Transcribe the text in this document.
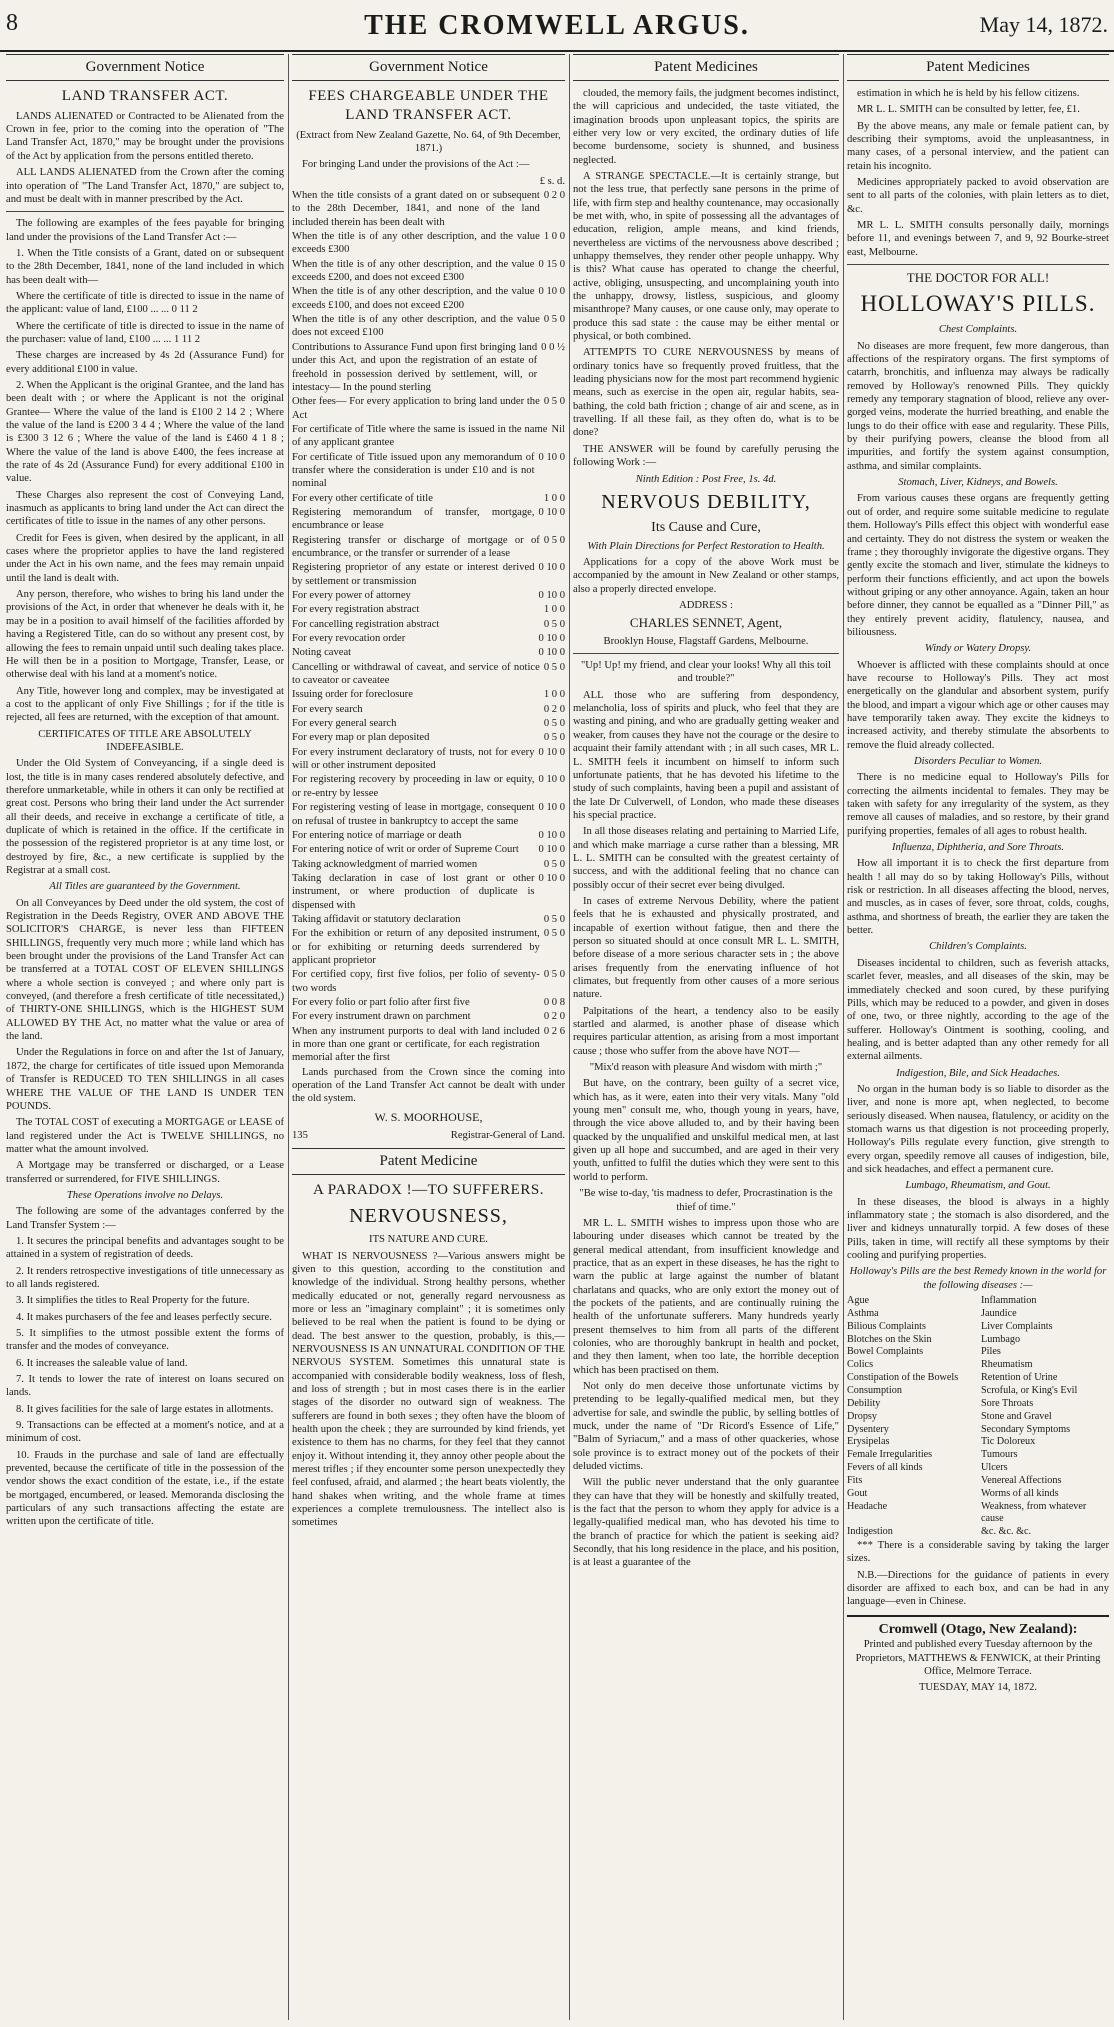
8	THE CROMWELL ARGUS.	May 14, 1872.
Government Notice
LAND TRANSFER ACT.

LANDS ALIENATED or Contracted to be Alienated from the Crown in fee, prior to the coming into the operation of "The Land Transfer Act, 1870," may be brought under the provisions of the Act by application from the persons entitled thereto.

ALL LANDS ALIENATED from the Crown after the coming into operation of "The Land Transfer Act, 1870," are subject to, and must be dealt with in manner prescribed by the Act.

The following are examples of the fees payable for bringing land under the provisions of the Land Transfer Act :—

1. When the Title consists of a Grant, dated on or subsequent to the 28th December, 1841, none of the land included in which has been dealt with—

Where the certificate of title is directed to issue in the name of the applicant: value of land, £100 ... ... 0 11 2

Where the certificate of title is directed to issue in the name of the purchaser: value of land, £100 ... ... 1 11 2

These charges are increased by 4s 2d (Assurance Fund) for every additional £100 in value.

2. When the Applicant is the original Grantee, and the land has been dealt with ; or where the Applicant is not the original Grantee— Where the value of the land is £100 2 14 2 ; Where the value of the land is £200 3 4 4 ; Where the value of the land is £300 3 12 6 ; Where the value of the land is £460 4 1 8 ; Where the value of the land is above £400, the fees increase at the rate of 4s 2d (Assurance Fund) for every additional £100 in value.

These Charges also represent the cost of Conveying Land, inasmuch as applicants to bring land under the Act can direct the certificates of title to issue in the names of any other persons.

Credit for Fees is given, when desired by the applicant, in all cases where the proprietor applies to have the land registered under the Act in his own name, and the fees may remain unpaid until the land is dealt with.

Any person, therefore, who wishes to bring his land under the provisions of the Act, in order that whenever he deals with it, he may be in a position to avail himself of the facilities afforded by having a Registered Title, can do so without any present cost, by allowing the fees to remain unpaid until such dealing takes place. He will then be in a position to Mortgage, Transfer, Lease, or otherwise deal with his land at a moment's notice.

Any Title, however long and complex, may be investigated at a cost to the applicant of only Five Shillings ; for if the title is rejected, all fees are returned, with the exception of that amount.

CERTIFICATES OF TITLE ARE ABSOLUTELY INDEFEASIBLE.

Under the Old System of Conveyancing, if a single deed is lost, the title is in many cases rendered absolutely defective, and therefore unmarketable, while in others it can only be rectified at great cost. Persons who bring their land under the Act surrender all their deeds, and receive in exchange a certificate of title, a duplicate of which is retained in the office. If the certificate in the possession of the registered proprietor is at any time lost, or destroyed by fire, &c., a new certificate is supplied by the Registrar at a small cost.

All Titles are guaranteed by the Government.

On all Conveyances by Deed under the old system, the cost of Registration in the Deeds Registry, OVER AND ABOVE THE SOLICITOR'S CHARGE, is never less than FIFTEEN SHILLINGS, frequently very much more ; while land which has been brought under the provisions of the Land Transfer Act can be transferred at a TOTAL COST OF ELEVEN SHILLINGS where a whole section is conveyed ; and where only part is conveyed, (and therefore a fresh certificate of title necessitated,) of THIRTY-ONE SHILLINGS, which is the HIGHEST SUM ALLOWED BY THE Act, no matter what the value or area of the land.

Under the Regulations in force on and after the 1st of January, 1872, the charge for certificates of title issued upon Memoranda of Transfer is REDUCED TO TEN SHILLINGS in all cases WHERE THE VALUE OF THE LAND IS UNDER TEN POUNDS.

The TOTAL COST of executing a MORTGAGE or LEASE of land registered under the Act is TWELVE SHILLINGS, no matter what the amount involved.

A Mortgage may be transferred or discharged, or a Lease transferred or surrendered, for FIVE SHILLINGS.

These Operations involve no Delays.

The following are some of the advantages conferred by the Land Transfer System :—

1. It secures the principal benefits and advantages sought to be attained in a system of registration of deeds.

2. It renders retrospective investigations of title unnecessary as to all lands registered.

3. It simplifies the titles to Real Property for the future.

4. It makes purchasers of the fee and leases perfectly secure.

5. It simplifies to the utmost possible extent the forms of transfer and the modes of conveyance.

6. It increases the saleable value of land.

7. It tends to lower the rate of interest on loans secured on lands.

8. It gives facilities for the sale of large estates in allotments.

9. Transactions can be effected at a moment's notice, and at a minimum of cost.

10. Frauds in the purchase and sale of land are effectually prevented, because the certificate of title in the possession of the vendor shows the exact condition of the estate, i.e., if the estate be mortgaged, encumbered, or leased. Memoranda disclosing the particulars of any such transactions affecting the estate are written upon the certificate of title.

Government Notice
FEES CHARGEABLE UNDER THE LAND TRANSFER ACT.

(Extract from New Zealand Gazette, No. 64, of 9th December, 1871.)

For bringing Land under the provisions of the Act :—

£ s. d.

When the title consists of a grant dated on or subsequent to the 28th December, 1841, and none of the land included therein has been dealt with
0 2 0

When the title is of any other description, and the value exceeds £300
1 0 0

When the title is of any other description, and the value exceeds £200, and does not exceed £300
0 15 0

When the title is of any other description, and the value exceeds £100, and does not exceed £200
0 10 0

When the title is of any other description, and the value does not exceed £100
0 5 0

Contributions to Assurance Fund upon first bringing land under this Act, and upon the registration of an estate of freehold in possession derived by settlement, will, or intestacy— In the pound sterling
0 0 ½

Other fees— For every application to bring land under the Act
0 5 0

For certificate of Title where the same is issued in the name of any applicant grantee
Nil

For certificate of Title issued upon any memorandum of transfer where the consideration is under £10 and is not nominal
0 10 0

For every other certificate of title	1 0 0

Registering memorandum of transfer, mortgage, encumbrance or lease
0 10 0

Registering transfer or discharge of mortgage or of encumbrance, or the transfer or surrender of a lease
0 5 0

Registering proprietor of any estate or interest derived by settlement or transmission
0 10 0

For every power of attorney	0 10 0

For every registration abstract	1 0 0

For cancelling registration abstract	0 5 0

For every revocation order	0 10 0

Noting caveat	0 10 0

Cancelling or withdrawal of caveat, and service of notice to caveator or caveatee
0 5 0

Issuing order for foreclosure	1 0 0

For every search	0 2 0

For every general search	0 5 0

For every map or plan deposited	0 5 0

For every instrument declaratory of trusts, not for every will or other instrument deposited
0 10 0

For registering recovery by proceeding in law or equity, or re-entry by lessee
0 10 0

For registering vesting of lease in mortgage, consequent on refusal of trustee in bankruptcy to accept the same
0 10 0

For entering notice of marriage or death	0 10 0

For entering notice of writ or order of Supreme Court	0 10 0

Taking acknowledgment of married women	0 5 0

Taking declaration in case of lost grant or other instrument, or where production of duplicate is dispensed with
0 10 0

Taking affidavit or statutory declaration	0 5 0

For the exhibition or return of any deposited instrument, or for exhibiting or returning deeds surrendered by applicant proprietor
0 5 0

For certified copy, first five folios, per folio of seventy-two words
0 5 0

For every folio or part folio after first five	0 0 8

For every instrument drawn on parchment	0 2 0

When any instrument purports to deal with land included in more than one grant or certificate, for each registration memorial after the first
0 2 6

Lands purchased from the Crown since the coming into operation of the Land Transfer Act cannot be dealt with under the old system.

W. S. MOORHOUSE,

135	Registrar-General of Land.

Patent Medicine
A PARADOX !—TO SUFFERERS.
NERVOUSNESS,

ITS NATURE AND CURE.

WHAT IS NERVOUSNESS ?—Various answers might be given to this question, according to the constitution and knowledge of the individual. Strong healthy persons, whether medically educated or not, generally regard nervousness as more or less an "imaginary complaint" ; it is sometimes only believed to be real when the patient is found to be dying or dead. The best answer to the question, probably, is this,—NERVOUSNESS IS AN UNNATURAL CONDITION OF THE NERVOUS SYSTEM. Sometimes this unnatural state is accompanied with considerable bodily weakness, loss of flesh, and loss of strength ; but in most cases there is in the earlier stages of the disorder no outward sign of weakness. The sufferers are found in both sexes ; they often have the bloom of health upon the cheek ; they are surrounded by kind friends, yet existence to them has no charms, for they feel that they cannot enjoy it. Without intending it, they annoy other people about the merest trifles ; if they encounter some person unexpectedly they feel confused, afraid, and alarmed ; the heart beats violently, the hand shakes when writing, and the whole frame at times experiences a complete tremulousness. The intellect also is sometimes

Patent Medicines

clouded, the memory fails, the judgment becomes indistinct, the will capricious and undecided, the taste vitiated, the imagination broods upon unpleasant topics, the spirits are either very low or very excited, the ordinary duties of life become burdensome, society is shunned, and business neglected.

A STRANGE SPECTACLE.—It is certainly strange, but not the less true, that perfectly sane persons in the prime of life, with firm step and healthy countenance, may occasionally be met with, who, in spite of possessing all the advantages of education, religion, ample means, and kind friends, nevertheless are victims of the nervousness above described ; unhappy themselves, they render other people unhappy. Why is this? What cause has operated to change the cheerful, active, obliging, unsuspecting, and uncomplaining youth into the unhappy, drowsy, listless, suspicious, and gloomy misanthrope? Many causes, or one cause only, may operate to produce this sad state : the cause may be either mental or physical, or both combined.

ATTEMPTS TO CURE NERVOUSNESS by means of ordinary tonics have so frequently proved fruitless, that the leading physicians now for the most part recommend hygienic means, such as exercise in the open air, regular habits, sea-bathing, the cold bath friction ; change of air and scene, as in travelling. If all these fail, as they often do, what is to be done?

THE ANSWER will be found by carefully perusing the following Work :—

Ninth Edition : Post Free, 1s. 4d.

NERVOUS DEBILITY,

Its Cause and Cure,

With Plain Directions for Perfect Restoration to Health.

Applications for a copy of the above Work must be accompanied by the amount in New Zealand or other stamps, also a properly directed envelope.

ADDRESS :

CHARLES SENNET, Agent,

Brooklyn House, Flagstaff Gardens, Melbourne.

"Up! Up! my friend, and clear your looks! Why all this toil and trouble?"

ALL those who are suffering from despondency, melancholia, loss of spirits and pluck, who feel that they are wasting and pining, and who are gradually getting weaker and weaker, from causes they have not the courage or the desire to acquaint their family attendant with ; in all such cases, MR L. L. SMITH feels it incumbent on himself to inform such unfortunate patients, that he has devoted his lifetime to the study of such complaints, having been a pupil and assistant of the late Dr Culverwell, of London, who made these diseases his special practice.

In all those diseases relating and pertaining to Married Life, and which make marriage a curse rather than a blessing, MR L. L. SMITH can be consulted with the greatest certainty of success, and with the additional feeling that no chance can possibly occur of their secret ever being divulged.

In cases of extreme Nervous Debility, where the patient feels that he is exhausted and physically prostrated, and incapable of exertion without fatigue, then and there the person so situated should at once consult MR L. L. SMITH, before disease of a more serious character sets in ; the above arises frequently from the enervating influence of hot climates, but frequently from other causes of a more serious nature.

Palpitations of the heart, a tendency also to be easily startled and alarmed, is another phase of disease which requires particular attention, as arising from a most important cause ; those who suffer from the above have NOT—

"Mix'd reason with pleasure And wisdom with mirth ;"

But have, on the contrary, been guilty of a secret vice, which has, as it were, eaten into their very vitals. Many "old young men" consult me, who, though young in years, have, through the vice above alluded to, and by their having been quacked by the unqualified and unskilful medical men, at last given up all hope and succumbed, and are aged in their very youth, unfitted to fulfil the duties which they were sent to this world to perform.

"Be wise to-day, 'tis madness to defer, Procrastination is the thief of time."

MR L. L. SMITH wishes to impress upon those who are labouring under diseases which cannot be treated by the general medical attendant, from insufficient knowledge and practice, that as an expert in these diseases, he has the right to warn the public at large against the number of blatant charlatans and quacks, who are only extort the money out of the pockets of the patients, and are continually ruining the health of the unfortunate sufferers. Many hundreds yearly present themselves to him from all parts of the different colonies, who are thoroughly bankrupt in health and pocket, and they then lament, when too late, the horrible deception which has been practised on them.

Not only do men deceive those unfortunate victims by pretending to be legally-qualified medical men, but they advertise for sale, and swindle the public, by selling bottles of muck, under the name of "Dr Ricord's Essence of Life," "Balm of Syriacum," and a mass of other quackeries, whose sole province is to extract money out of the pockets of their deluded victims.

Will the public never understand that the only guarantee they can have that they will be honestly and skilfully treated, is the fact that the person to whom they apply for advice is a legally-qualified medical man, who has devoted his time to the branch of practice for which the patient is seeking aid? Secondly, that his long residence in the place, and his position, is at least a guarantee of the

Patent Medicines

estimation in which he is held by his fellow citizens.

MR L. L. SMITH can be consulted by letter, fee, £1.

By the above means, any male or female patient can, by describing their symptoms, avoid the unpleasantness, in many cases, of a personal interview, and the patient can retain his incognito.

Medicines appropriately packed to avoid observation are sent to all parts of the colonies, with plain letters as to diet, &c.

MR L. L. SMITH consults personally daily, mornings before 11, and evenings between 7, and 9, 92 Bourke-street east, Melbourne.

THE DOCTOR FOR ALL!

HOLLOWAY'S PILLS.

Chest Complaints.

No diseases are more frequent, few more dangerous, than affections of the respiratory organs. The first symptoms of catarrh, bronchitis, and influenza may always be radically removed by Holloway's renowned Pills. They quickly remedy any temporary stagnation of blood, relieve any over-gorged veins, moderate the hurried breathing, and enable the lungs to do their office with ease and regularity. These Pills, by their purifying powers, cleanse the blood from all impurities, and fortify the system against consumption, asthma, and similar complaints.

Stomach, Liver, Kidneys, and Bowels.

From various causes these organs are frequently getting out of order, and require some suitable medicine to regulate them. Holloway's Pills effect this object with wonderful ease and certainty. They do not distress the system or weaken the frame ; they thoroughly invigorate the digestive organs. They gently excite the stomach and liver, stimulate the kidneys to perform their functions efficiently, and act upon the bowels without griping or any other annoyance. Again, taken an hour before dinner, they cannot be equalled as a "Dinner Pill," as they entirely prevent acidity, flatulency, nausea, and biliousness.

Windy or Watery Dropsy.

Whoever is afflicted with these complaints should at once have recourse to Holloway's Pills. They act most energetically on the glandular and absorbent system, purify the blood, and impart a vigour which age or other causes may have temporarily taken away. They excite the kidneys to increased activity, and thereby stimulate the absorbents to remove the fluid already collected.

Disorders Peculiar to Women.

There is no medicine equal to Holloway's Pills for correcting the ailments incidental to females. They may be taken with safety for any irregularity of the system, as they remove all causes of maladies, and so restore, by their grand purifying properties, females of all ages to robust health.

Influenza, Diphtheria, and Sore Throats.

How all important it is to check the first departure from health ! all may do so by taking Holloway's Pills, without risk or restriction. In all diseases affecting the blood, nerves, and muscles, as in cases of fever, sore throat, colds, coughs, asthma, and shortness of breath, the earlier they are taken the better.

Children's Complaints.

Diseases incidental to children, such as feverish attacks, scarlet fever, measles, and all diseases of the skin, may be immediately checked and soon cured, by these purifying Pills, which may be reduced to a powder, and given in doses of one, two, or three nightly, according to the age of the sufferer. Holloway's Ointment is soothing, cooling, and healing, and is better adapted than any other remedy for all external ailments.

Indigestion, Bile, and Sick Headaches.

No organ in the human body is so liable to disorder as the liver, and none is more apt, when neglected, to become seriously diseased. When nausea, flatulency, or acidity on the stomach warns us that digestion is not proceeding properly, Holloway's Pills regulate every function, give strength to every organ, speedily remove all causes of indigestion, bile, and sick headaches, and effect a permanent cure.

Lumbago, Rheumatism, and Gout.

In these diseases, the blood is always in a highly inflammatory state ; the stomach is also disordered, and the liver and kidneys unnaturally torpid. A few doses of these Pills, taken in time, will rectify all these symptoms by their cooling and purifying properties.

Holloway's Pills are the best Remedy known in the world for the following diseases :—

Ague	Inflammation
Asthma	Jaundice
Bilious Complaints	Liver Complaints
Blotches on the Skin	Lumbago
Bowel Complaints	Piles
Colics	Rheumatism
Constipation of the Bowels	Retention of Urine
Consumption	Scrofula, or King's Evil
Debility	Sore Throats
Dropsy	Stone and Gravel
Dysentery	Secondary Symptoms
Erysipelas	Tic Doloreux
Female Irregularities	Tumours
Fevers of all kinds	Ulcers
Fits	Venereal Affections
Gout	Worms of all kinds
Headache	Weakness, from whatever cause
Indigestion	&c. &c. &c.

*** There is a considerable saving by taking the larger sizes.

N.B.—Directions for the guidance of patients in every disorder are affixed to each box, and can be had in any language—even in Chinese.

Cromwell (Otago, New Zealand):

Printed and published every Tuesday afternoon by the Proprietors, MATTHEWS & FENWICK, at their Printing Office, Melmore Terrace.

TUESDAY, MAY 14, 1872.
